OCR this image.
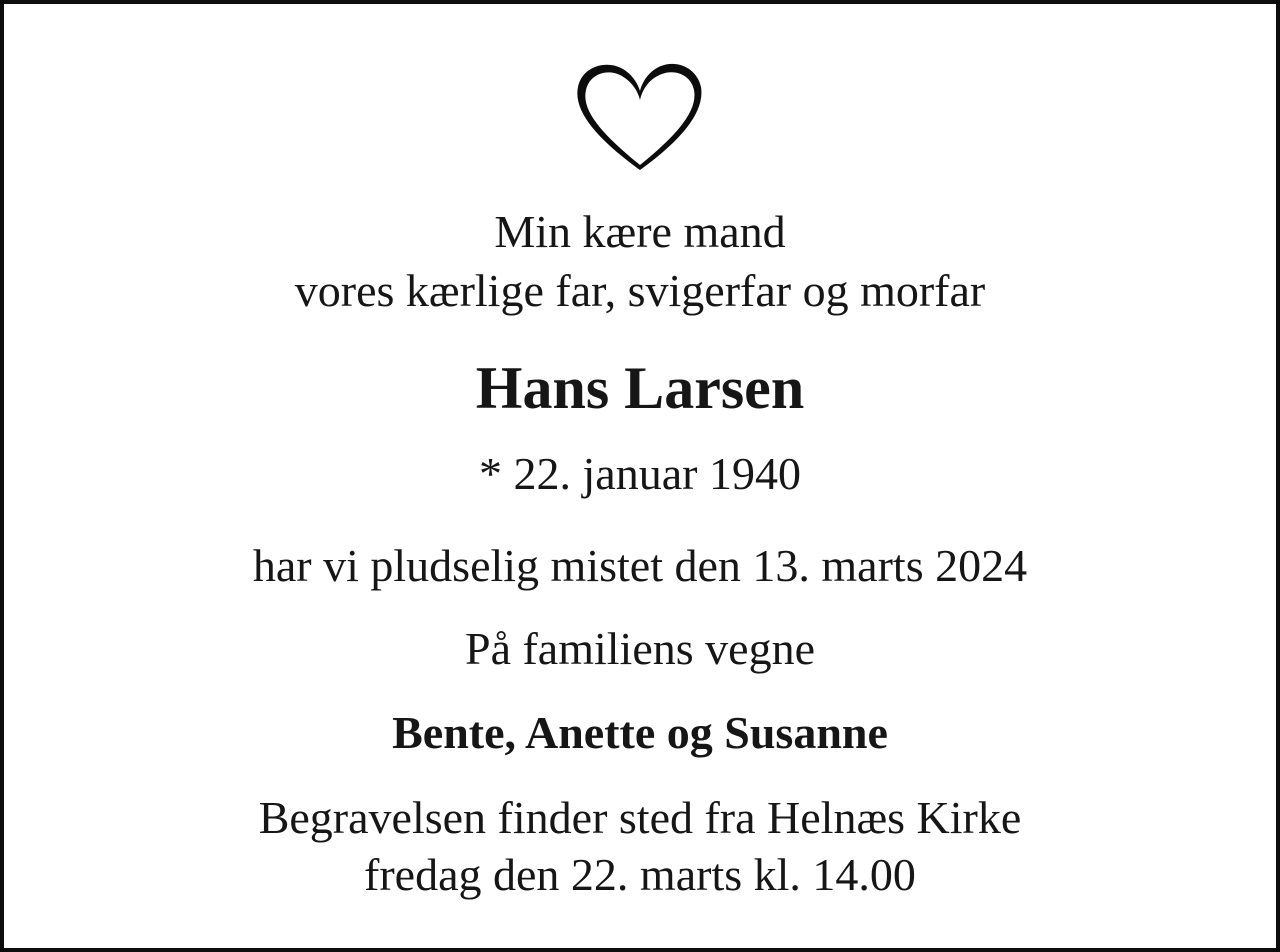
Min kære mand
vores kærlige far, svigerfar og morfar
Hans Larsen
* 22. januar 1940
har vi pludselig mistet den 13. marts 2024
På familiens vegne
Bente, Anette og Susanne
Begravelsen finder sted fra Helnæs Kirke
fredag den 22. marts kl. 14.00
